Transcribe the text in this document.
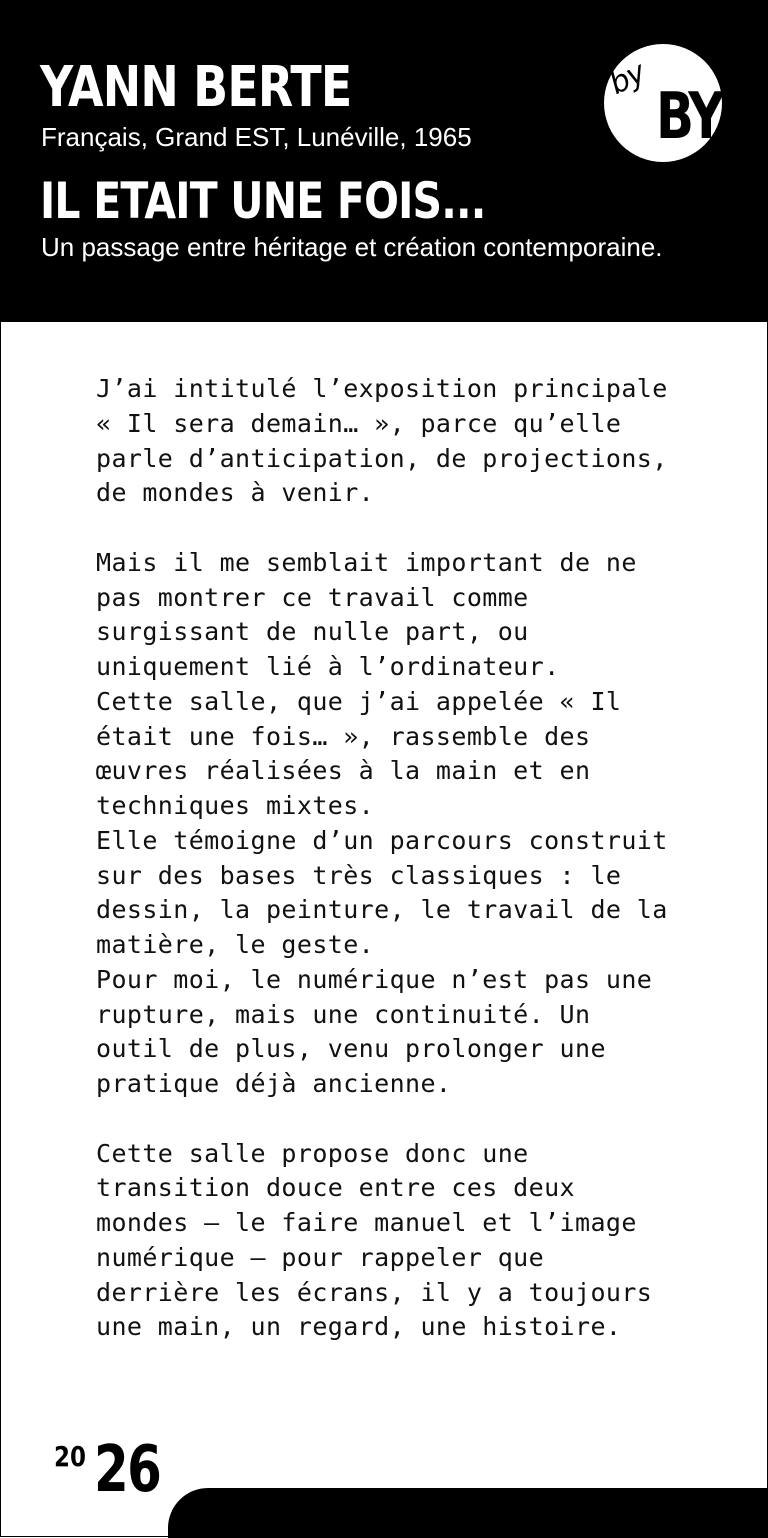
YANN BERTE

Français, Grand EST, Lunéville, 1965

IL ETAIT UNE FOIS...

Un passage entre héritage et création contemporaine.

by
BY
J’ai intitulé l’exposition principale
« Il sera demain… », parce qu’elle
parle d’anticipation, de projections,
de mondes à venir.
Mais il me semblait important de ne
pas montrer ce travail comme
surgissant de nulle part, ou
uniquement lié à l’ordinateur.
Cette salle, que j’ai appelée « Il
était une fois… », rassemble des
œuvres réalisées à la main et en
techniques mixtes.
Elle témoigne d’un parcours construit
sur des bases très classiques : le
dessin, la peinture, le travail de la
matière, le geste.
Pour moi, le numérique n’est pas une
rupture, mais une continuité. Un
outil de plus, venu prolonger une
pratique déjà ancienne.
Cette salle propose donc une
transition douce entre ces deux
mondes — le faire manuel et l’image
numérique — pour rappeler que
derrière les écrans, il y a toujours
une main, un regard, une histoire.
20 26
